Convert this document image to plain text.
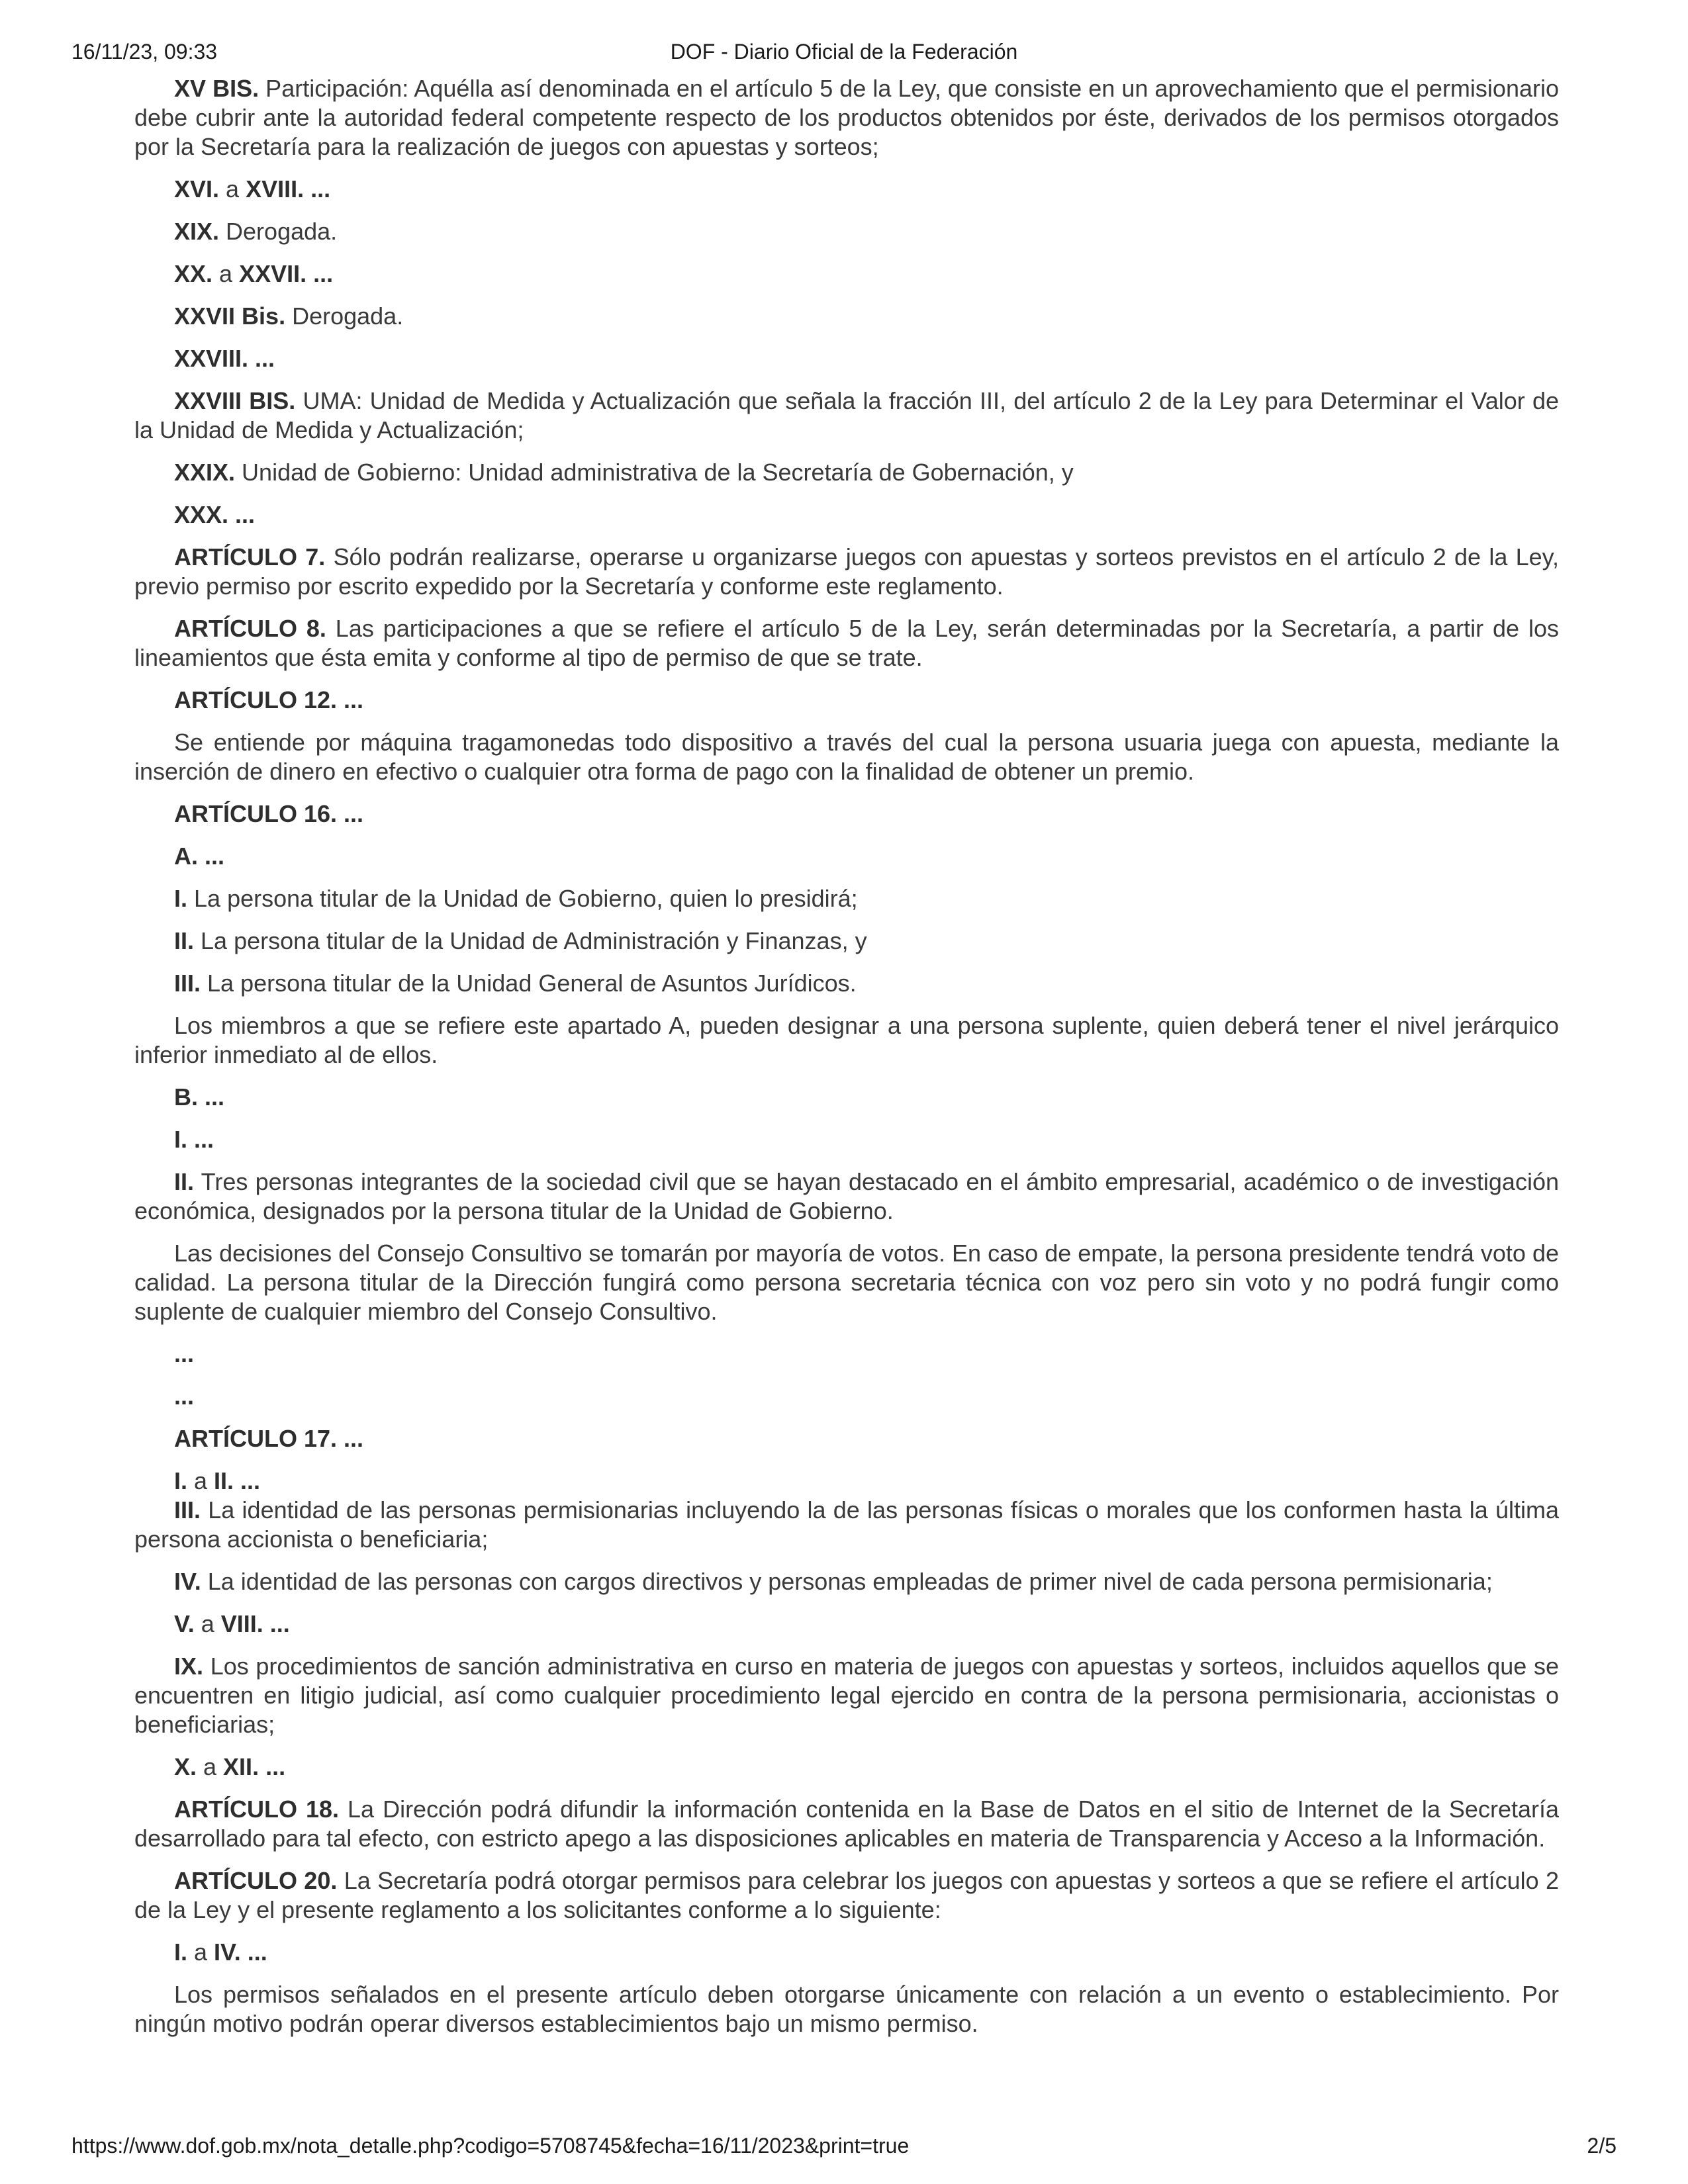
16/11/23, 09:33	DOF - Diario Oficial de la Federación

XV BIS. Participación: Aquélla así denominada en el artículo 5 de la Ley, que consiste en un aprovechamiento que el permisionario debe cubrir ante la autoridad federal competente respecto de los productos obtenidos por éste, derivados de los permisos otorgados por la Secretaría para la realización de juegos con apuestas y sorteos;

XVI. a XVIII. ...

XIX. Derogada.

XX. a XXVII. ...

XXVII Bis. Derogada.

XXVIII. ...

XXVIII BIS. UMA: Unidad de Medida y Actualización que señala la fracción III, del artículo 2 de la Ley para Determinar el Valor de la Unidad de Medida y Actualización;

XXIX. Unidad de Gobierno: Unidad administrativa de la Secretaría de Gobernación, y

XXX. ...

ARTÍCULO 7. Sólo podrán realizarse, operarse u organizarse juegos con apuestas y sorteos previstos en el artículo 2 de la Ley, previo permiso por escrito expedido por la Secretaría y conforme este reglamento.

ARTÍCULO 8. Las participaciones a que se refiere el artículo 5 de la Ley, serán determinadas por la Secretaría, a partir de los lineamientos que ésta emita y conforme al tipo de permiso de que se trate.

ARTÍCULO 12. ...

Se entiende por máquina tragamonedas todo dispositivo a través del cual la persona usuaria juega con apuesta, mediante la inserción de dinero en efectivo o cualquier otra forma de pago con la finalidad de obtener un premio.

ARTÍCULO 16. ...

A. ...

I. La persona titular de la Unidad de Gobierno, quien lo presidirá;

II. La persona titular de la Unidad de Administración y Finanzas, y

III. La persona titular de la Unidad General de Asuntos Jurídicos.

Los miembros a que se refiere este apartado A, pueden designar a una persona suplente, quien deberá tener el nivel jerárquico inferior inmediato al de ellos.

B. ...

I. ...

II. Tres personas integrantes de la sociedad civil que se hayan destacado en el ámbito empresarial, académico o de investigación económica, designados por la persona titular de la Unidad de Gobierno.

Las decisiones del Consejo Consultivo se tomarán por mayoría de votos. En caso de empate, la persona presidente tendrá voto de calidad. La persona titular de la Dirección fungirá como persona secretaria técnica con voz pero sin voto y no podrá fungir como suplente de cualquier miembro del Consejo Consultivo.

...

...

ARTÍCULO 17. ...

I. a II. ...

III. La identidad de las personas permisionarias incluyendo la de las personas físicas o morales que los conformen hasta la última persona accionista o beneficiaria;

IV. La identidad de las personas con cargos directivos y personas empleadas de primer nivel de cada persona permisionaria;

V. a VIII. ...

IX. Los procedimientos de sanción administrativa en curso en materia de juegos con apuestas y sorteos, incluidos aquellos que se encuentren en litigio judicial, así como cualquier procedimiento legal ejercido en contra de la persona permisionaria, accionistas o beneficiarias;

X. a XII. ...

ARTÍCULO 18. La Dirección podrá difundir la información contenida en la Base de Datos en el sitio de Internet de la Secretaría desarrollado para tal efecto, con estricto apego a las disposiciones aplicables en materia de Transparencia y Acceso a la Información.

ARTÍCULO 20. La Secretaría podrá otorgar permisos para celebrar los juegos con apuestas y sorteos a que se refiere el artículo 2 de la Ley y el presente reglamento a los solicitantes conforme a lo siguiente:

I. a IV. ...

Los permisos señalados en el presente artículo deben otorgarse únicamente con relación a un evento o establecimiento. Por ningún motivo podrán operar diversos establecimientos bajo un mismo permiso.

https://www.dof.gob.mx/nota_detalle.php?codigo=5708745&fecha=16/11/2023&print=true	2/5
